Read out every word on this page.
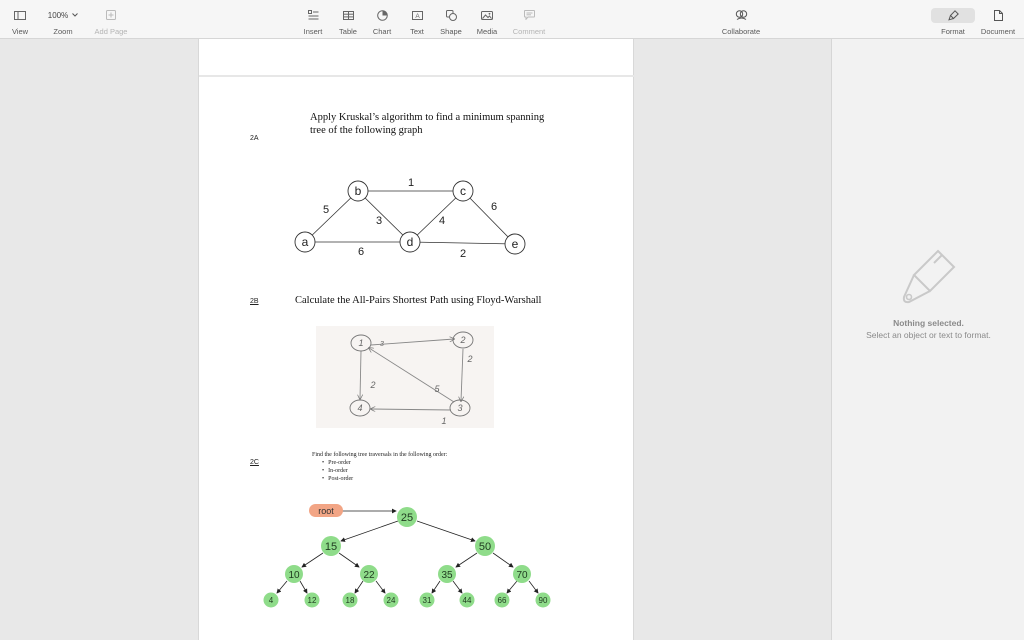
View
100%
Zoom	Add Page	Insert Table Chart
A
Text Shape Media Comment	Collaborate	Format Document
2A
Apply Kruskal’s algorithm to find a minimum spanning
tree of the following graph
5
1
3	4
6
6	2
a
b	c
d	e
2B	Calculate the All-Pairs Shortest Path using Floyd-Warshall
1	2
3
4
3
2
5
2
1
2C
Find the following tree traversals in the following order:
• Pre-order
• In-order
• Post-order
root
25
15	50
10	22	35	70
4	12	18	24	31	44	66	90
Nothing selected.
Select an object or text to format.
